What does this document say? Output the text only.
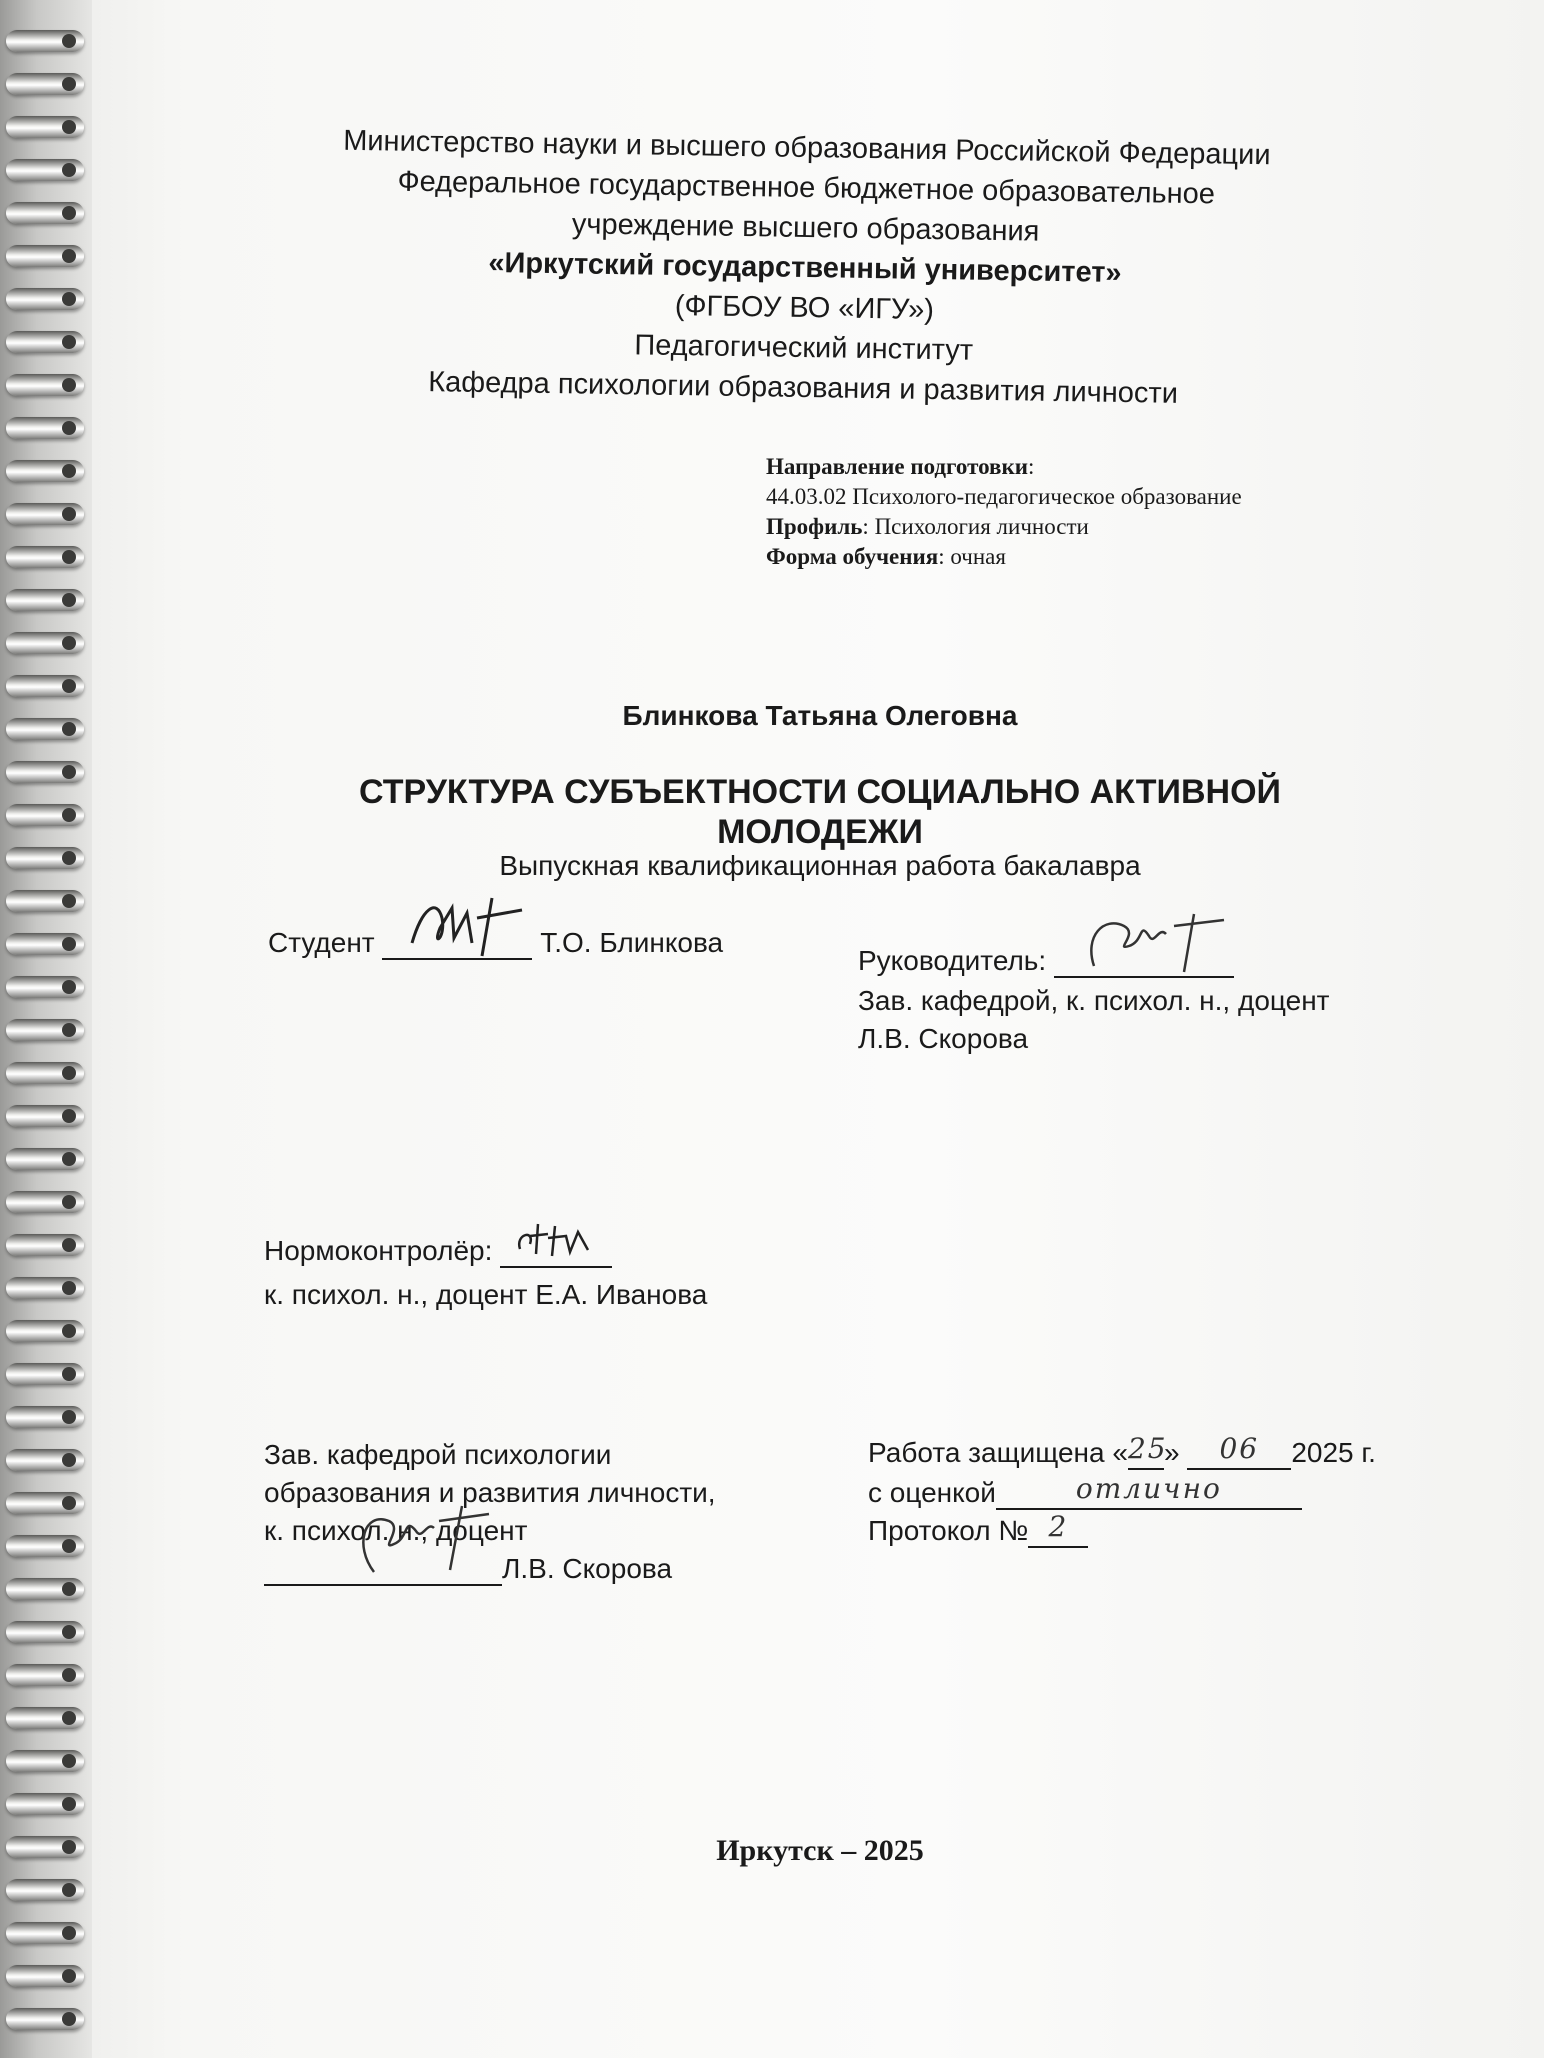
Министерство науки и высшего образования Российской Федерации
Федеральное государственное бюджетное образовательное
учреждение высшего образования
«Иркутский государственный университет»
(ФГБОУ ВО «ИГУ»)
Педагогический институт
Кафедра психологии образования и развития личности
Направление подготовки:
44.03.02 Психолого-педагогическое образование
Профиль: Психология личности
Форма обучения: очная
Блинкова Татьяна Олеговна
СТРУКТУРА СУБЪЕКТНОСТИ СОЦИАЛЬНО АКТИВНОЙ
МОЛОДЕЖИ
Выпускная квалификационная работа бакалавра
Студент	Т.О. Блинкова
Руководитель:
Зав. кафедрой, к. психол. н., доцент
Л.В. Скорова
Нормоконтролёр:
к. психол. н., доцент Е.А. Иванова
Зав. кафедрой психологии
образования и развития личности,
к. психол. н., доцент
Л.В. Скорова
Работа защищена « 25
»	06	2025 г.
с оценкой	отлично
Протокол № 2
Иркутск – 2025
